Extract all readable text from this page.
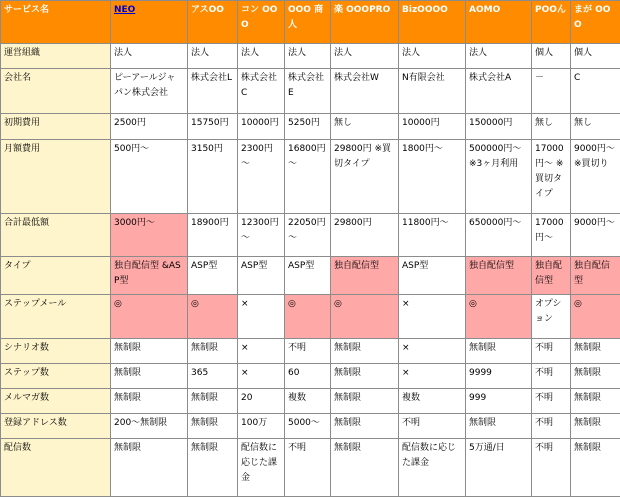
サービス名	NEO	アスOO	コン OOO	OOO 商人	楽 OOOPRO	BizOOOO	AOMO	POOん	まが OOO
運営組織	法人	法人	法人	法人	法人	法人	法人	個人	個人
会社名	ピーアールジャパン株式会社	株式会社L	株式会社C	株式会社E	株式会社W	N有限会社	株式会社A	－	C
初期費用	2500円	15750円	10000円	5250円	無し	10000円	150000円	無し	無し
月額費用	500円～	3150円	2300円～	16800円～	29800円 ※買切タイプ	1800円～	500000円～ ※3ヶ月利用	17000円～ ※買切タイプ	9000円～ ※買切り
合計最低額	3000円～	18900円	12300円～	22050円～	29800円	11800円～	650000円～	17000円～	9000円～
タイプ	独自配信型 &ASP型	ASP型	ASP型	ASP型	独自配信型	ASP型	独自配信型	独自配信型	独自配信型
ステップメール	◎	◎	×	◎	◎	×	◎	オプション	◎
シナリオ数	無制限	無制限	×	不明	無制限	×	無制限	不明	無制限
ステップ数	無制限	365	×	60	無制限	×	9999	不明	無制限
メルマガ数	無制限	無制限	20	複数	無制限	複数	999	不明	無制限
登録アドレス数	200～無制限	無制限	100万	5000～	無制限	不明	無制限	不明	無制限
配信数	無制限	無制限	配信数に応じた課金	不明	無制限	配信数に応じた課金	5万通/日	不明	無制限
